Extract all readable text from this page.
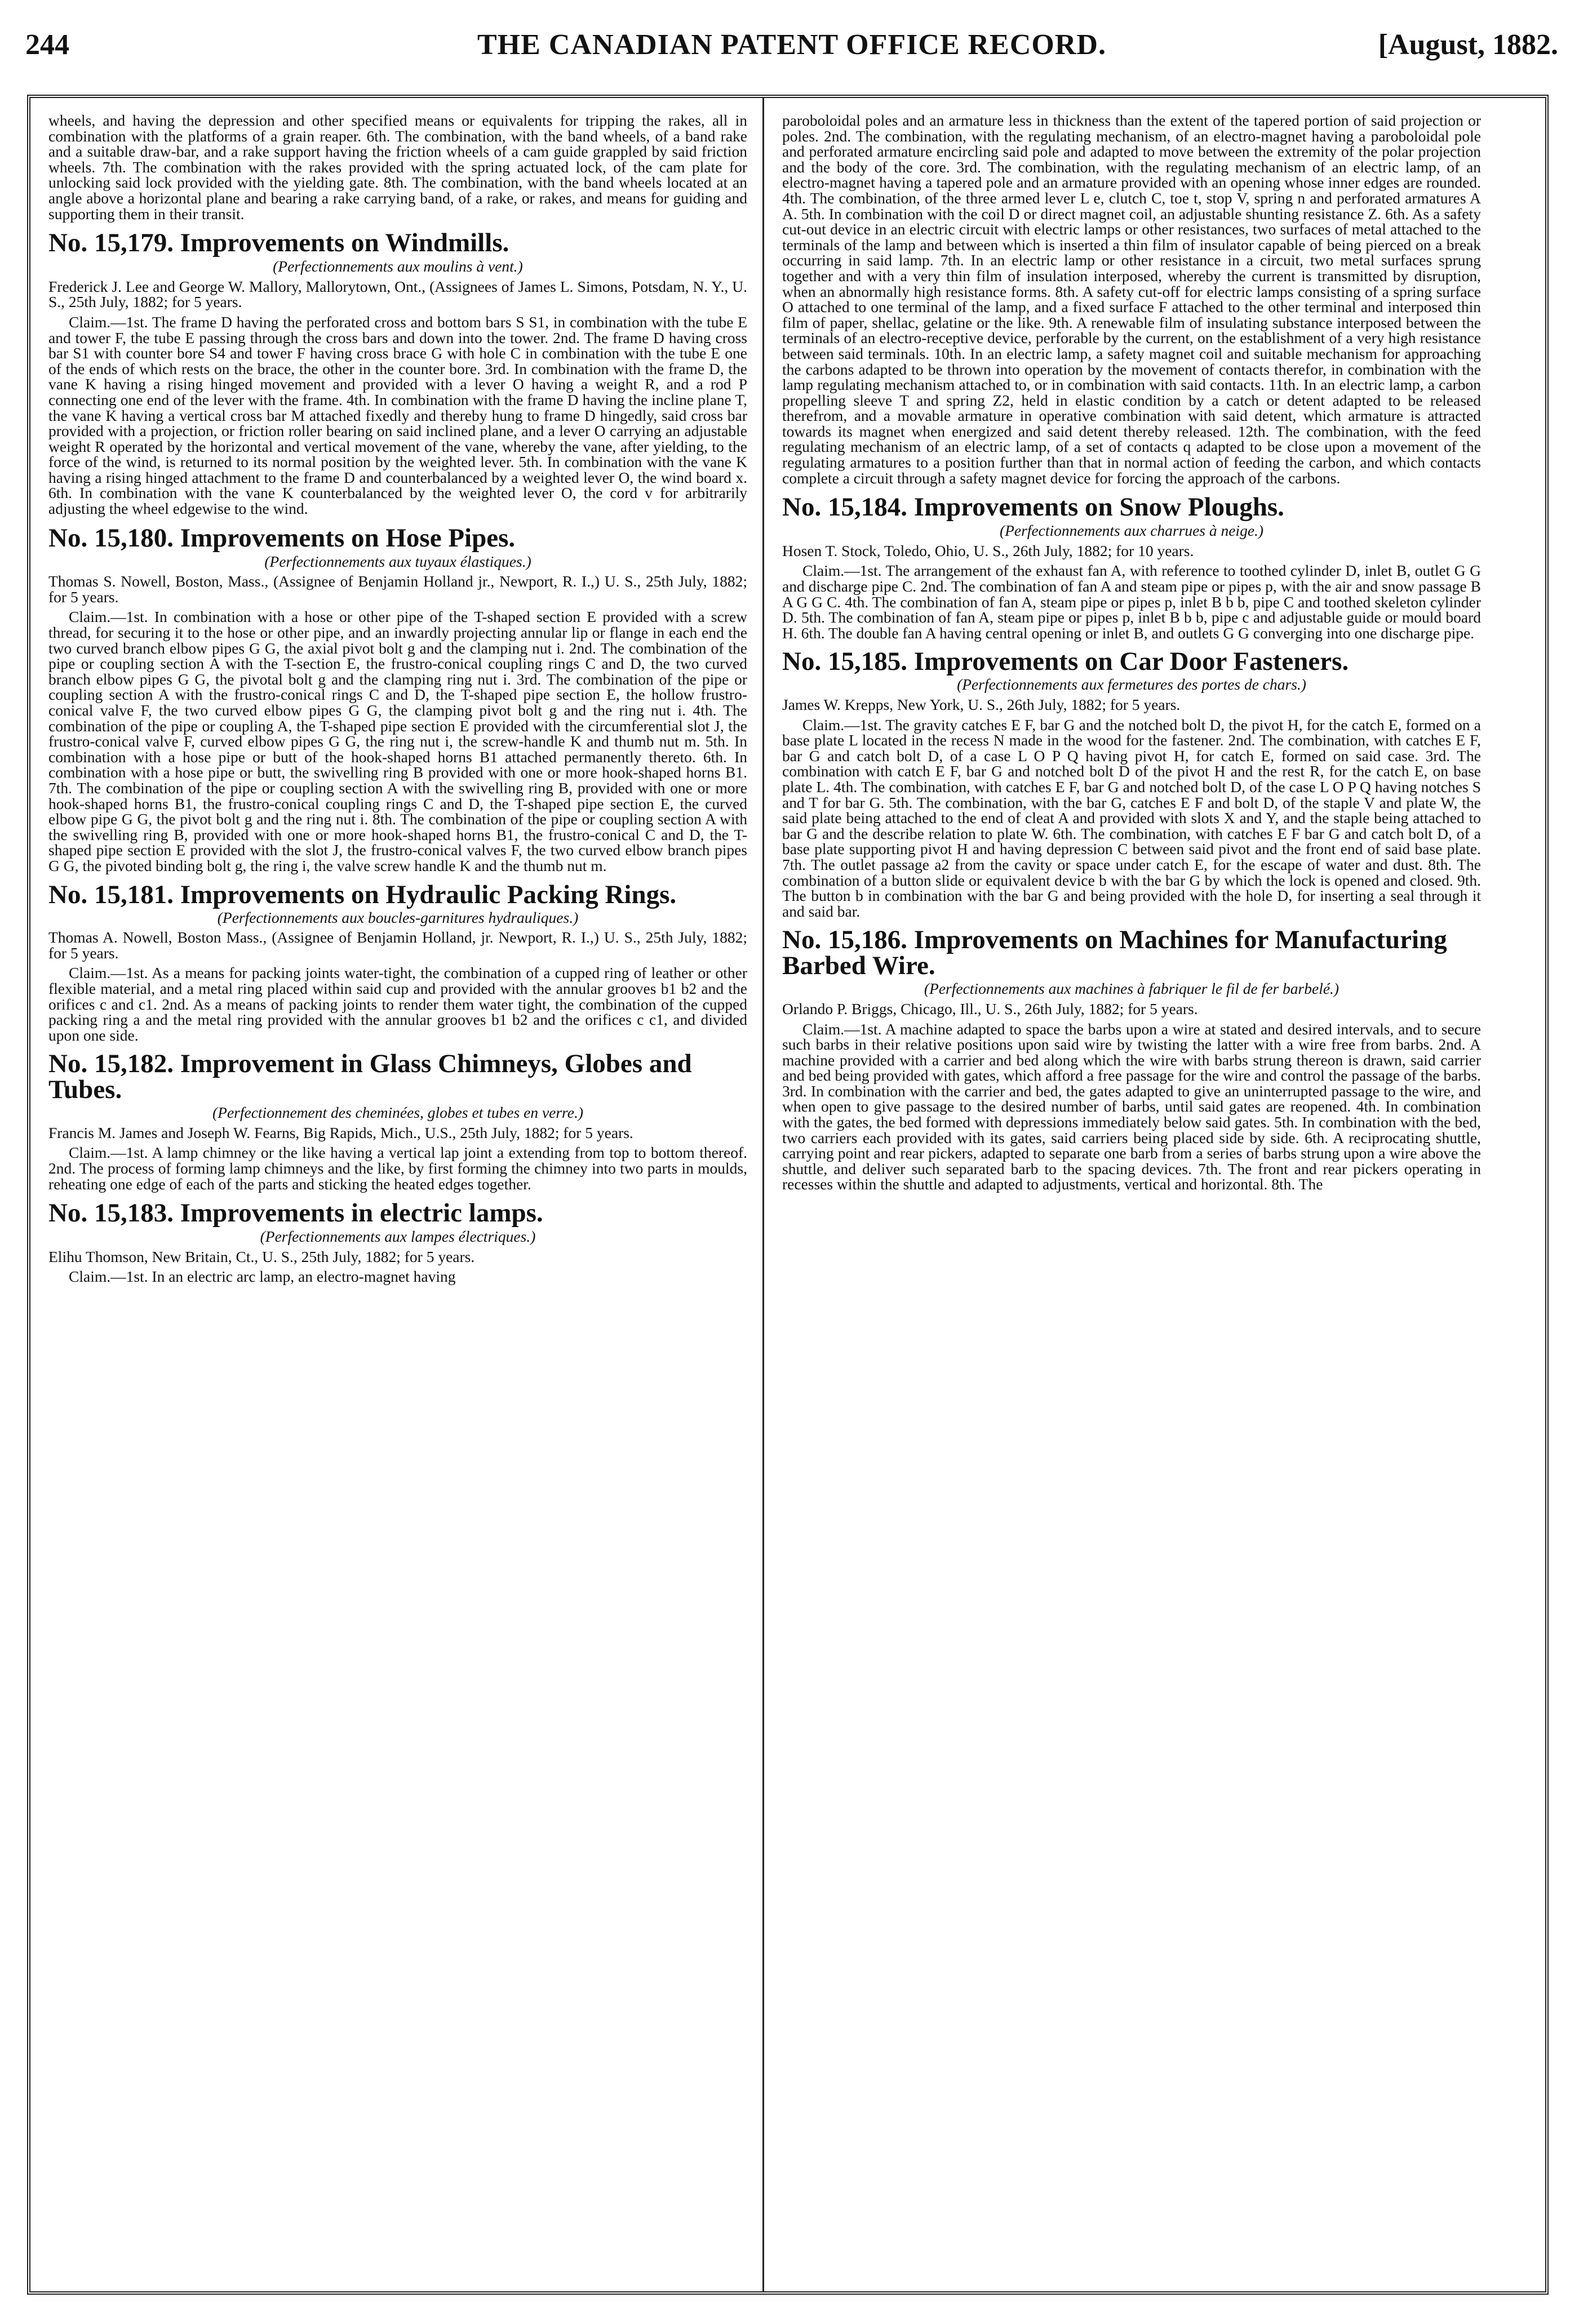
244	THE CANADIAN PATENT OFFICE RECORD.	[August, 1882.

wheels, and having the depression and other specified means or equivalents for tripping the rakes, all in combination with the platforms of a grain reaper. 6th. The combination, with the band wheels, of a band rake and a suitable draw-bar, and a rake support having the friction wheels of a cam guide grappled by said friction wheels. 7th. The combination with the rakes provided with the spring actuated lock, of the cam plate for unlocking said lock provided with the yielding gate. 8th. The combination, with the band wheels located at an angle above a horizontal plane and bearing a rake carrying band, of a rake, or rakes, and means for guiding and supporting them in their transit.

No. 15,179. Improvements on Windmills.

(Perfectionnements aux moulins à vent.)

Frederick J. Lee and George W. Mallory, Mallorytown, Ont., (Assignees of James L. Simons, Potsdam, N. Y., U. S., 25th July, 1882; for 5 years.

Claim.—1st. The frame D having the perforated cross and bottom bars S S1, in combination with the tube E and tower F, the tube E passing through the cross bars and down into the tower. 2nd. The frame D having cross bar S1 with counter bore S4 and tower F having cross brace G with hole C in combination with the tube E one of the ends of which rests on the brace, the other in the counter bore. 3rd. In combination with the frame D, the vane K having a rising hinged movement and provided with a lever O having a weight R, and a rod P connecting one end of the lever with the frame. 4th. In combination with the frame D having the incline plane T, the vane K having a vertical cross bar M attached fixedly and thereby hung to frame D hingedly, said cross bar provided with a projection, or friction roller bearing on said inclined plane, and a lever O carrying an adjustable weight R operated by the horizontal and vertical movement of the vane, whereby the vane, after yielding, to the force of the wind, is returned to its normal position by the weighted lever. 5th. In combination with the vane K having a rising hinged attachment to the frame D and counterbalanced by a weighted lever O, the wind board x. 6th. In combination with the vane K counterbalanced by the weighted lever O, the cord v for arbitrarily adjusting the wheel edgewise to the wind.

No. 15,180. Improvements on Hose Pipes.

(Perfectionnements aux tuyaux élastiques.)

Thomas S. Nowell, Boston, Mass., (Assignee of Benjamin Holland jr., Newport, R. I.,) U. S., 25th July, 1882; for 5 years.

Claim.—1st. In combination with a hose or other pipe of the T-shaped section E provided with a screw thread, for securing it to the hose or other pipe, and an inwardly projecting annular lip or flange in each end the two curved branch elbow pipes G G, the axial pivot bolt g and the clamping nut i. 2nd. The combination of the pipe or coupling section A with the T-section E, the frustro-conical coupling rings C and D, the two curved branch elbow pipes G G, the pivotal bolt g and the clamping ring nut i. 3rd. The combination of the pipe or coupling section A with the frustro-conical rings C and D, the T-shaped pipe section E, the hollow frustro-conical valve F, the two curved elbow pipes G G, the clamping pivot bolt g and the ring nut i. 4th. The combination of the pipe or coupling A, the T-shaped pipe section E provided with the circumferential slot J, the frustro-conical valve F, curved elbow pipes G G, the ring nut i, the screw-handle K and thumb nut m. 5th. In combination with a hose pipe or butt of the hook-shaped horns B1 attached permanently thereto. 6th. In combination with a hose pipe or butt, the swivelling ring B provided with one or more hook-shaped horns B1. 7th. The combination of the pipe or coupling section A with the swivelling ring B, provided with one or more hook-shaped horns B1, the frustro-conical coupling rings C and D, the T-shaped pipe section E, the curved elbow pipe G G, the pivot bolt g and the ring nut i. 8th. The combination of the pipe or coupling section A with the swivelling ring B, provided with one or more hook-shaped horns B1, the frustro-conical C and D, the T-shaped pipe section E provided with the slot J, the frustro-conical valves F, the two curved elbow branch pipes G G, the pivoted binding bolt g, the ring i, the valve screw handle K and the thumb nut m.

No. 15,181. Improvements on Hydraulic Packing Rings.

(Perfectionnements aux boucles-garnitures hydrauliques.)

Thomas A. Nowell, Boston Mass., (Assignee of Benjamin Holland, jr. Newport, R. I.,) U. S., 25th July, 1882; for 5 years.

Claim.—1st. As a means for packing joints water-tight, the combination of a cupped ring of leather or other flexible material, and a metal ring placed within said cup and provided with the annular grooves b1 b2 and the orifices c and c1. 2nd. As a means of packing joints to render them water tight, the combination of the cupped packing ring a and the metal ring provided with the annular grooves b1 b2 and the orifices c c1, and divided upon one side.

No. 15,182. Improvement in Glass Chimneys, Globes and Tubes.

(Perfectionnement des cheminées, globes et tubes en verre.)

Francis M. James and Joseph W. Fearns, Big Rapids, Mich., U.S., 25th July, 1882; for 5 years.

Claim.—1st. A lamp chimney or the like having a vertical lap joint a extending from top to bottom thereof. 2nd. The process of forming lamp chimneys and the like, by first forming the chimney into two parts in moulds, reheating one edge of each of the parts and sticking the heated edges together.

No. 15,183. Improvements in electric lamps.

(Perfectionnements aux lampes électriques.)

Elihu Thomson, New Britain, Ct., U. S., 25th July, 1882; for 5 years.

Claim.—1st. In an electric arc lamp, an electro-magnet having

paroboloidal poles and an armature less in thickness than the extent of the tapered portion of said projection or poles. 2nd. The combination, with the regulating mechanism, of an electro-magnet having a paroboloidal pole and perforated armature encircling said pole and adapted to move between the extremity of the polar projection and the body of the core. 3rd. The combination, with the regulating mechanism of an electric lamp, of an electro-magnet having a tapered pole and an armature provided with an opening whose inner edges are rounded. 4th. The combination, of the three armed lever L e, clutch C, toe t, stop V, spring n and perforated armatures A A. 5th. In combination with the coil D or direct magnet coil, an adjustable shunting resistance Z. 6th. As a safety cut-out device in an electric circuit with electric lamps or other resistances, two surfaces of metal attached to the terminals of the lamp and between which is inserted a thin film of insulator capable of being pierced on a break occurring in said lamp. 7th. In an electric lamp or other resistance in a circuit, two metal surfaces sprung together and with a very thin film of insulation interposed, whereby the current is transmitted by disruption, when an abnormally high resistance forms. 8th. A safety cut-off for electric lamps consisting of a spring surface O attached to one terminal of the lamp, and a fixed surface F attached to the other terminal and interposed thin film of paper, shellac, gelatine or the like. 9th. A renewable film of insulating substance interposed between the terminals of an electro-receptive device, perforable by the current, on the establishment of a very high resistance between said terminals. 10th. In an electric lamp, a safety magnet coil and suitable mechanism for approaching the carbons adapted to be thrown into operation by the movement of contacts therefor, in combination with the lamp regulating mechanism attached to, or in combination with said contacts. 11th. In an electric lamp, a carbon propelling sleeve T and spring Z2, held in elastic condition by a catch or detent adapted to be released therefrom, and a movable armature in operative combination with said detent, which armature is attracted towards its magnet when energized and said detent thereby released. 12th. The combination, with the feed regulating mechanism of an electric lamp, of a set of contacts q adapted to be close upon a movement of the regulating armatures to a position further than that in normal action of feeding the carbon, and which contacts complete a circuit through a safety magnet device for forcing the approach of the carbons.

No. 15,184. Improvements on Snow Ploughs.

(Perfectionnements aux charrues à neige.)

Hosen T. Stock, Toledo, Ohio, U. S., 26th July, 1882; for 10 years.

Claim.—1st. The arrangement of the exhaust fan A, with reference to toothed cylinder D, inlet B, outlet G G and discharge pipe C. 2nd. The combination of fan A and steam pipe or pipes p, with the air and snow passage B A G G C. 4th. The combination of fan A, steam pipe or pipes p, inlet B b b, pipe C and toothed skeleton cylinder D. 5th. The combination of fan A, steam pipe or pipes p, inlet B b b, pipe c and adjustable guide or mould board H. 6th. The double fan A having central opening or inlet B, and outlets G G converging into one discharge pipe.

No. 15,185. Improvements on Car Door Fasteners.

(Perfectionnements aux fermetures des portes de chars.)

James W. Krepps, New York, U. S., 26th July, 1882; for 5 years.

Claim.—1st. The gravity catches E F, bar G and the notched bolt D, the pivot H, for the catch E, formed on a base plate L located in the recess N made in the wood for the fastener. 2nd. The combination, with catches E F, bar G and catch bolt D, of a case L O P Q having pivot H, for catch E, formed on said case. 3rd. The combination with catch E F, bar G and notched bolt D of the pivot H and the rest R, for the catch E, on base plate L. 4th. The combination, with catches E F, bar G and notched bolt D, of the case L O P Q having notches S and T for bar G. 5th. The combination, with the bar G, catches E F and bolt D, of the staple V and plate W, the said plate being attached to the end of cleat A and provided with slots X and Y, and the staple being attached to bar G and the describe relation to plate W. 6th. The combination, with catches E F bar G and catch bolt D, of a base plate supporting pivot H and having depression C between said pivot and the front end of said base plate. 7th. The outlet passage a2 from the cavity or space under catch E, for the escape of water and dust. 8th. The combination of a button slide or equivalent device b with the bar G by which the lock is opened and closed. 9th. The button b in combination with the bar G and being provided with the hole D, for inserting a seal through it and said bar.

No. 15,186. Improvements on Machines for Manufacturing Barbed Wire.

(Perfectionnements aux machines à fabriquer le fil de fer barbelé.)

Orlando P. Briggs, Chicago, Ill., U. S., 26th July, 1882; for 5 years.

Claim.—1st. A machine adapted to space the barbs upon a wire at stated and desired intervals, and to secure such barbs in their relative positions upon said wire by twisting the latter with a wire free from barbs. 2nd. A machine provided with a carrier and bed along which the wire with barbs strung thereon is drawn, said carrier and bed being provided with gates, which afford a free passage for the wire and control the passage of the barbs. 3rd. In combination with the carrier and bed, the gates adapted to give an uninterrupted passage to the wire, and when open to give passage to the desired number of barbs, until said gates are reopened. 4th. In combination with the gates, the bed formed with depressions immediately below said gates. 5th. In combination with the bed, two carriers each provided with its gates, said carriers being placed side by side. 6th. A reciprocating shuttle, carrying point and rear pickers, adapted to separate one barb from a series of barbs strung upon a wire above the shuttle, and deliver such separated barb to the spacing devices. 7th. The front and rear pickers operating in recesses within the shuttle and adapted to adjustments, vertical and horizontal. 8th. The
